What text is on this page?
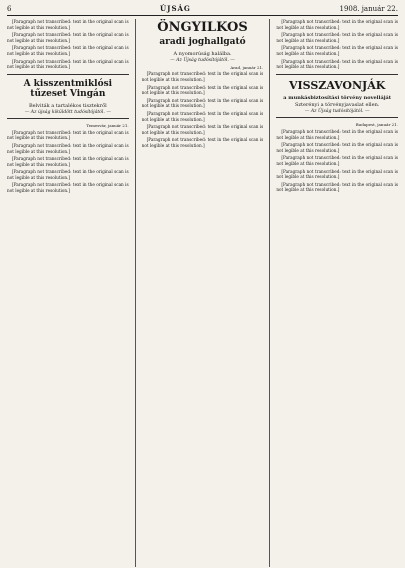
6	ÚJSÁG	1908. január 22.

[Paragraph not transcribed: text in the original scan is not legible at this resolution.]

[Paragraph not transcribed: text in the original scan is not legible at this resolution.]

[Paragraph not transcribed: text in the original scan is not legible at this resolution.]

[Paragraph not transcribed: text in the original scan is not legible at this resolution.]

A kisszentmiklósi tűzeset Vingán
Belviták a tartalékos tisztekről
— Az újság kiküldött tudósítójától. —
Temesvár, január 21.

[Paragraph not transcribed: text in the original scan is not legible at this resolution.]

[Paragraph not transcribed: text in the original scan is not legible at this resolution.]

[Paragraph not transcribed: text in the original scan is not legible at this resolution.]

[Paragraph not transcribed: text in the original scan is not legible at this resolution.]

[Paragraph not transcribed: text in the original scan is not legible at this resolution.]

ÖNGYILKOS
aradi joghallgató
A nyomorúság halálba.
— Az Újság tudósítójától. —
Arad, január 21.

[Paragraph not transcribed: text in the original scan is not legible at this resolution.]

[Paragraph not transcribed: text in the original scan is not legible at this resolution.]

[Paragraph not transcribed: text in the original scan is not legible at this resolution.]

[Paragraph not transcribed: text in the original scan is not legible at this resolution.]

[Paragraph not transcribed: text in the original scan is not legible at this resolution.]

[Paragraph not transcribed: text in the original scan is not legible at this resolution.]

[Paragraph not transcribed: text in the original scan is not legible at this resolution.]

[Paragraph not transcribed: text in the original scan is not legible at this resolution.]

[Paragraph not transcribed: text in the original scan is not legible at this resolution.]

[Paragraph not transcribed: text in the original scan is not legible at this resolution.]

VISSZAVONJÁK
a munkásbiztosítási törvény novelláját
Szterényi a törvényjavaslat ellen.
— Az Újság tudósítójától. —
Budapest, január 21.

[Paragraph not transcribed: text in the original scan is not legible at this resolution.]

[Paragraph not transcribed: text in the original scan is not legible at this resolution.]

[Paragraph not transcribed: text in the original scan is not legible at this resolution.]

[Paragraph not transcribed: text in the original scan is not legible at this resolution.]

[Paragraph not transcribed: text in the original scan is not legible at this resolution.]
